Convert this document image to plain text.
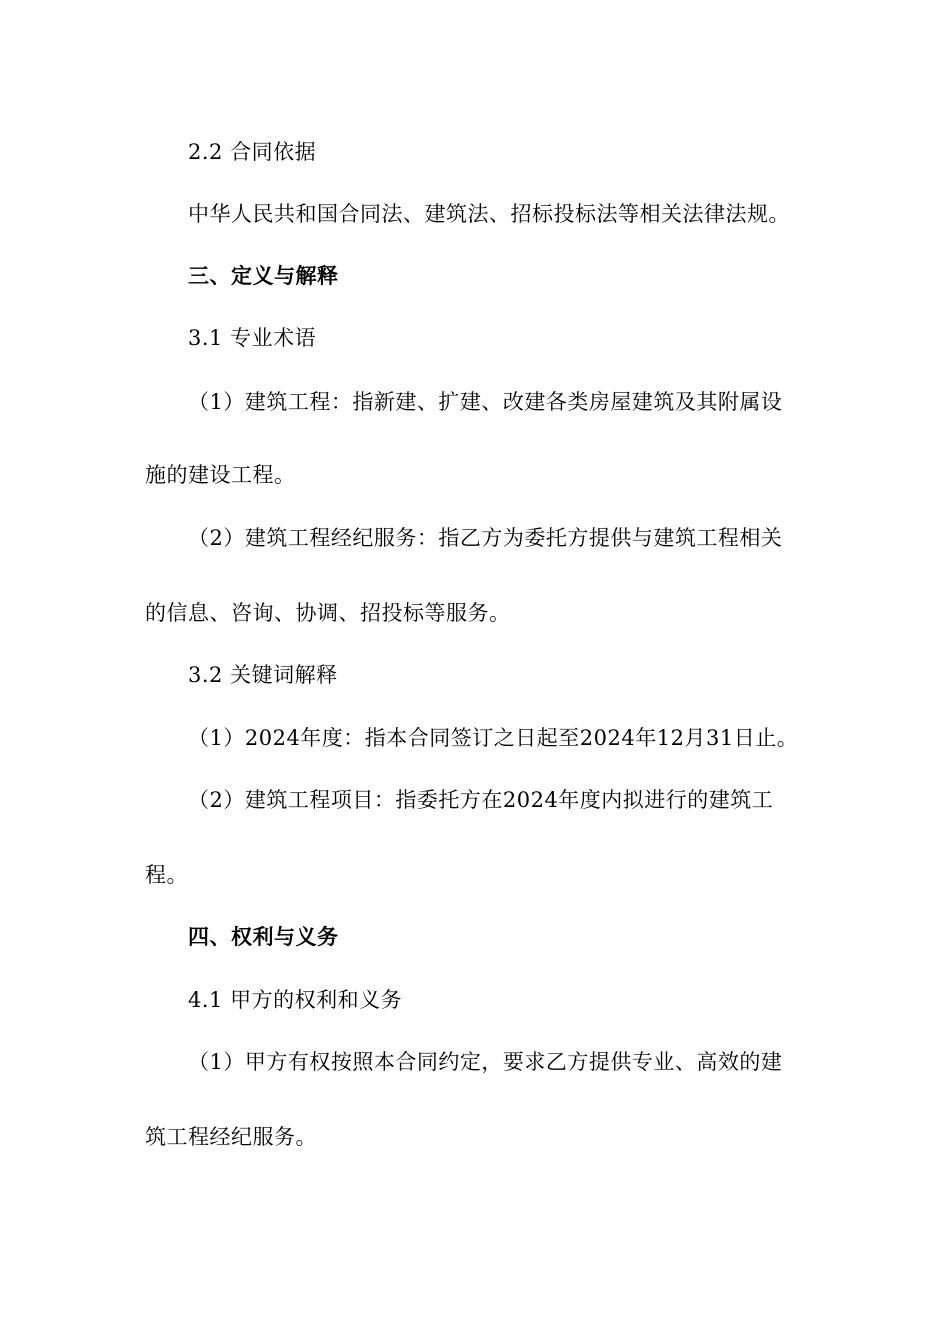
2.2 合同依据
中华人民共和国合同法、建筑法、招标投标法等相关法律法规。
三、定义与解释
3.1 专业术语
（1）建筑工程：指新建、扩建、改建各类房屋建筑及其附属设
施的建设工程。
（2）建筑工程经纪服务：指乙方为委托方提供与建筑工程相关
的信息、咨询、协调、招投标等服务。
3.2 关键词解释
（1）2024年度：指本合同签订之日起至2024年12月31日止。
（2）建筑工程项目：指委托方在2024年度内拟进行的建筑工
程。
四、权利与义务
4.1 甲方的权利和义务
（1）甲方有权按照本合同约定，要求乙方提供专业、高效的建
筑工程经纪服务。
